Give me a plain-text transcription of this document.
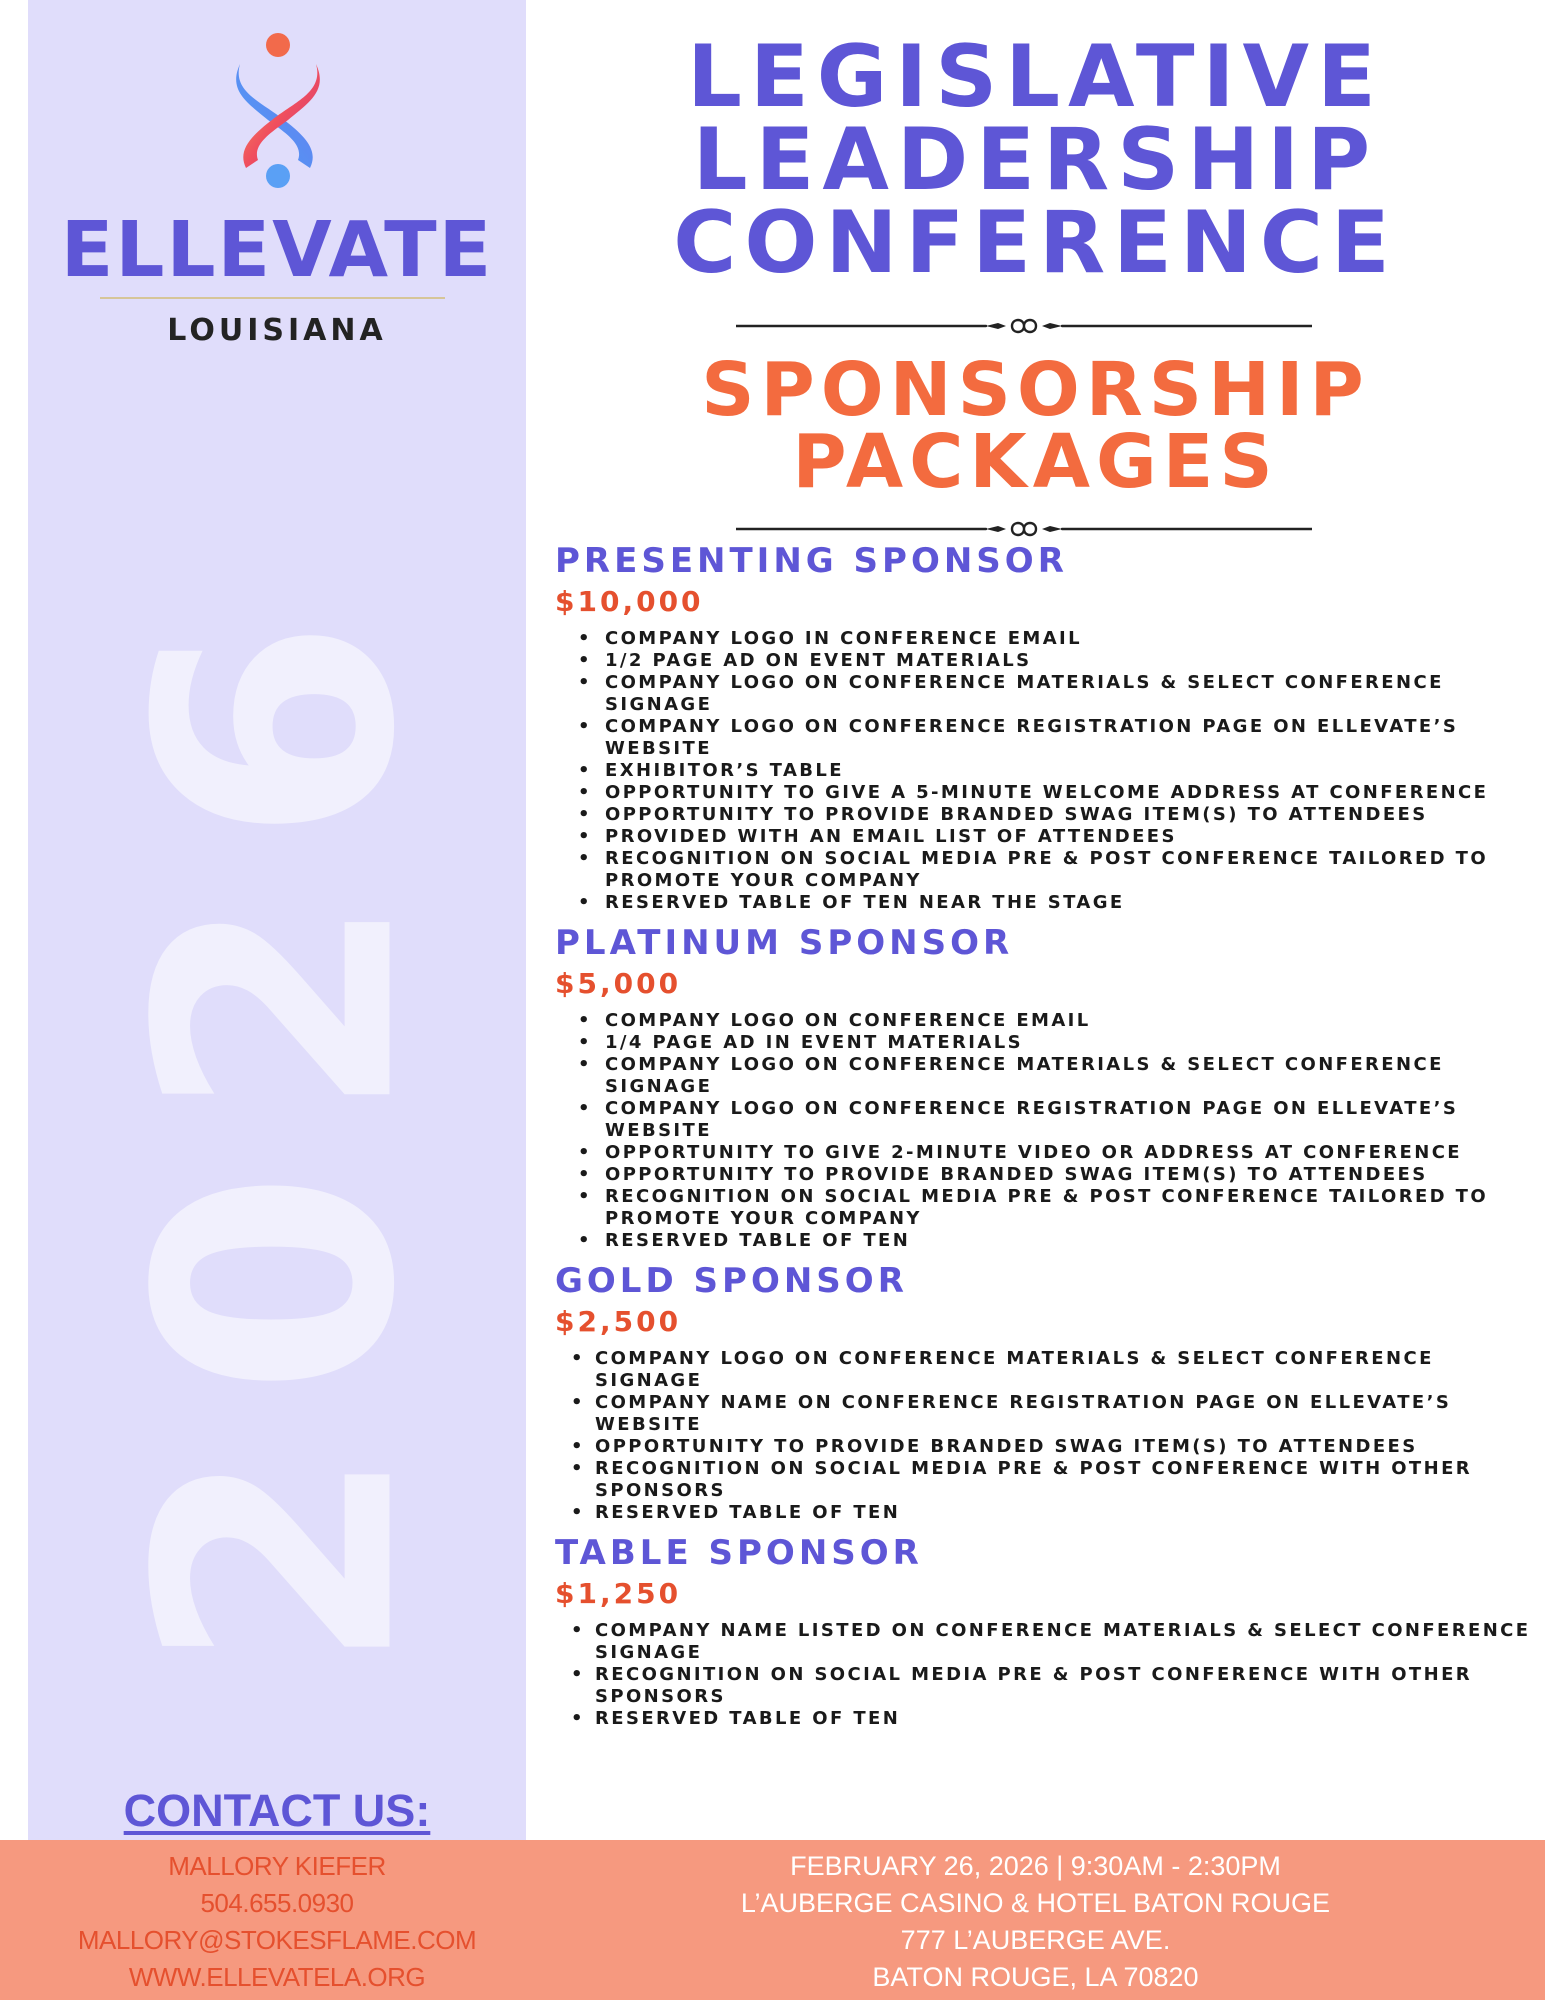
2026
ELLEVATE
LOUISIANA
LEGISLATIVE
LEADERSHIP
CONFERENCE
SPONSORSHIP
PACKAGES
PRESENTING SPONSOR
$10,000
• COMPANY LOGO IN CONFERENCE EMAIL
• 1/2 PAGE AD ON EVENT MATERIALS
• COMPANY LOGO ON CONFERENCE MATERIALS & SELECT CONFERENCE SIGNAGE
• COMPANY LOGO ON CONFERENCE REGISTRATION PAGE ON ELLEVATE’S WEBSITE
• EXHIBITOR’S TABLE
• OPPORTUNITY TO GIVE A 5-MINUTE WELCOME ADDRESS AT CONFERENCE
• OPPORTUNITY TO PROVIDE BRANDED SWAG ITEM(S) TO ATTENDEES
• PROVIDED WITH AN EMAIL LIST OF ATTENDEES
• RECOGNITION ON SOCIAL MEDIA PRE & POST CONFERENCE TAILORED TO PROMOTE YOUR COMPANY
• RESERVED TABLE OF TEN NEAR THE STAGE
PLATINUM SPONSOR
$5,000
• COMPANY LOGO ON CONFERENCE EMAIL
• 1/4 PAGE AD IN EVENT MATERIALS
• COMPANY LOGO ON CONFERENCE MATERIALS & SELECT CONFERENCE SIGNAGE
• COMPANY LOGO ON CONFERENCE REGISTRATION PAGE ON ELLEVATE’S WEBSITE
• OPPORTUNITY TO GIVE 2-MINUTE VIDEO OR ADDRESS AT CONFERENCE
• OPPORTUNITY TO PROVIDE BRANDED SWAG ITEM(S) TO ATTENDEES
• RECOGNITION ON SOCIAL MEDIA PRE & POST CONFERENCE TAILORED TO PROMOTE YOUR COMPANY
• RESERVED TABLE OF TEN
GOLD SPONSOR
$2,500
• COMPANY LOGO ON CONFERENCE MATERIALS & SELECT CONFERENCE SIGNAGE
• COMPANY NAME ON CONFERENCE REGISTRATION PAGE ON ELLEVATE’S WEBSITE
• OPPORTUNITY TO PROVIDE BRANDED SWAG ITEM(S) TO ATTENDEES
• RECOGNITION ON SOCIAL MEDIA PRE & POST CONFERENCE WITH OTHER SPONSORS
• RESERVED TABLE OF TEN
TABLE SPONSOR
$1,250
• COMPANY NAME LISTED ON CONFERENCE MATERIALS & SELECT CONFERENCE SIGNAGE
• RECOGNITION ON SOCIAL MEDIA PRE & POST CONFERENCE WITH OTHER SPONSORS
• RESERVED TABLE OF TEN
CONTACT US:
MALLORY KIEFER
504.655.0930
MALLORY@STOKESFLAME.COM
WWW.ELLEVATELA.ORG
FEBRUARY 26, 2026 | 9:30AM - 2:30PM
L’AUBERGE CASINO & HOTEL BATON ROUGE
777 L’AUBERGE AVE.
BATON ROUGE, LA 70820
